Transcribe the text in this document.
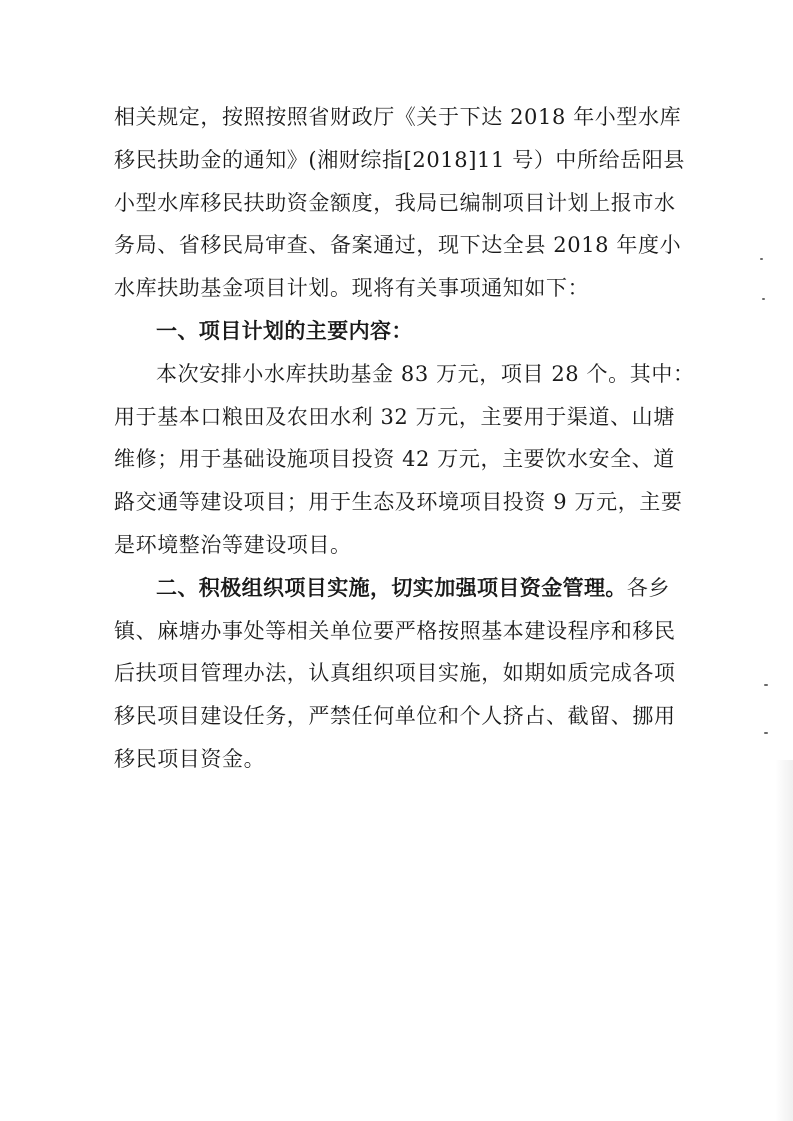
相关规定，按照按照省财政厅《关于下达 2018 年小型水库
移民扶助金的通知》(湘财综指[2018]11 号）中所给岳阳县
小型水库移民扶助资金额度，我局已编制项目计划上报市水
务局、省移民局审查、备案通过，现下达全县 2018 年度小
水库扶助基金项目计划。现将有关事项通知如下：
一、项目计划的主要内容：
本次安排小水库扶助基金 83 万元，项目 28 个。其中：
用于基本口粮田及农田水利 32 万元，主要用于渠道、山塘
维修；用于基础设施项目投资 42 万元，主要饮水安全、道
路交通等建设项目；用于生态及环境项目投资 9 万元，主要
是环境整治等建设项目。
二、积极组织项目实施，切实加强项目资金管理。各乡
镇、麻塘办事处等相关单位要严格按照基本建设程序和移民
后扶项目管理办法，认真组织项目实施，如期如质完成各项
移民项目建设任务，严禁任何单位和个人挤占、截留、挪用
移民项目资金。
